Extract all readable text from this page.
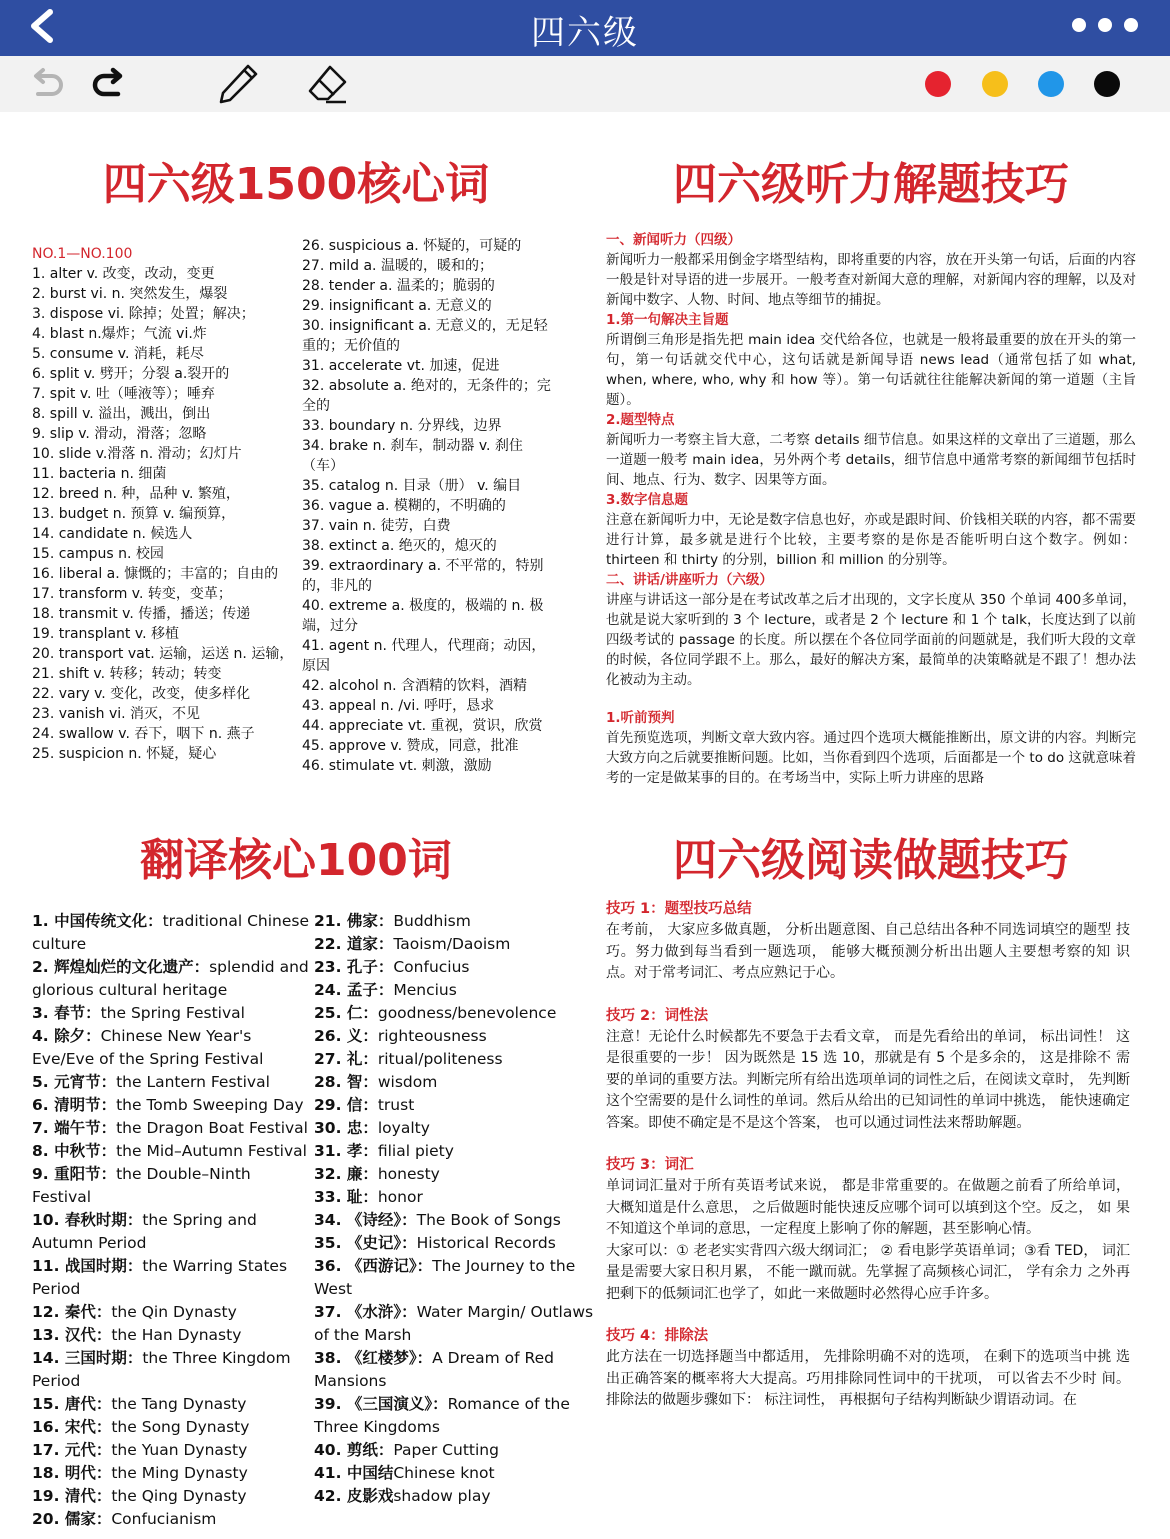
四六级
四六级1500核心词
NO.1—NO.100
1. alter v. 改变，改动，变更
2. burst vi. n. 突然发生，爆裂
3. dispose vi. 除掉；处置；解决；
4. blast n.爆炸；气流 vi.炸
5. consume v. 消耗，耗尽
6. split v. 劈开；分裂 a.裂开的
7. spit v. 吐（唾液等）；唾弃
8. spill v. 溢出，溅出，倒出
9. slip v. 滑动，滑落；忽略
10. slide v.滑落 n. 滑动；幻灯片
11. bacteria n. 细菌
12. breed n. 种，品种 v. 繁殖，
13. budget n. 预算 v. 编预算，
14. candidate n. 候选人
15. campus n. 校园
16. liberal a. 慷慨的；丰富的；自由的
17. transform v. 转变，变革；
18. transmit v. 传播，播送；传递
19. transplant v. 移植
20. transport vat. 运输，运送 n. 运输，
21. shift v. 转移；转动；转变
22. vary v. 变化，改变，使多样化
23. vanish vi. 消灭，不见
24. swallow v. 吞下，咽下 n. 燕子
25. suspicion n. 怀疑，疑心
26. suspicious a. 怀疑的，可疑的
27. mild a. 温暖的，暖和的；
28. tender a. 温柔的；脆弱的
29. insignificant a. 无意义的
30. insignificant a. 无意义的，无足轻重的；无价值的
31. accelerate vt. 加速，促进
32. absolute a. 绝对的，无条件的；完全的
33. boundary n. 分界线，边界
34. brake n. 刹车，制动器 v. 刹住（车）
35. catalog n. 目录（册） v. 编目
36. vague a. 模糊的，不明确的
37. vain n. 徒劳，白费
38. extinct a. 绝灭的，熄灭的
39. extraordinary a. 不平常的，特别的，非凡的
40. extreme a. 极度的，极端的 n. 极端，过分
41. agent n. 代理人，代理商；动因，原因
42. alcohol n. 含酒精的饮料，酒精
43. appeal n. /vi. 呼吁，恳求
44. appreciate vt. 重视，赏识，欣赏
45. approve v. 赞成，同意，批准
46. stimulate vt. 刺激，激励
四六级听力解题技巧
一、新闻听力（四级）
新闻听力一般都采用倒金字塔型结构，即将重要的内容，放在开头第一句话，后面的内容一般是针对导语的进一步展开。一般考查对新闻大意的理解，对新闻内容的理解，以及对新闻中数字、人物、时间、地点等细节的捕捉。
1.第一句解决主旨题
所谓倒三角形是指先把 main idea 交代给各位，也就是一般将最重要的放在开头的第一句，第一句话就交代中心，这句话就是新闻导语 news lead（通常包括了如 what, when, where, who, why 和 how 等）。第一句话就往往能解决新闻的第一道题（主旨题）。
2.题型特点
新闻听力一考察主旨大意，二考察 details 细节信息。如果这样的文章出了三道题，那么一道题一般考 main idea，另外两个考 details，细节信息中通常考察的新闻细节包括时间、地点、行为、数字、因果等方面。
3.数字信息题
注意在新闻听力中，无论是数字信息也好，亦或是跟时间、价钱相关联的内容，都不需要进行计算，最多就是进行个比较，主要考察的是你是否能听明白这个数字。例如：thirteen 和 thirty 的分别，billion 和 million 的分别等。
二、讲话/讲座听力（六级）
讲座与讲话这一部分是在考试改革之后才出现的，文字长度从 350 个单词 400多单词，也就是说大家听到的 3 个 lecture，或者是 2 个 lecture 和 1 个 talk，长度达到了以前四级考试的 passage 的长度。所以摆在个各位同学面前的问题就是，我们听大段的文章的时候，各位同学跟不上。那么，最好的解决方案，最简单的决策略就是不跟了！想办法化被动为主动。
1.听前预判
首先预览选项，判断文章大致内容。通过四个选项大概能推断出，原文讲的内容。判断完大致方向之后就要推断问题。比如，当你看到四个选项，后面都是一个 to do 这就意味着考的一定是做某事的目的。在考场当中，实际上听力讲座的思路
翻译核心100词
1. 中国传统文化：traditional Chinese culture
2. 辉煌灿烂的文化遗产：splendid and glorious cultural heritage
3. 春节：the Spring Festival
4. 除夕：Chinese New Year's Eve/Eve of the Spring Festival
5. 元宵节：the Lantern Festival
6. 清明节：the Tomb Sweeping Day
7. 端午节：the Dragon Boat Festival
8. 中秋节：the Mid–Autumn Festival
9. 重阳节：the Double–Ninth Festival
10. 春秋时期：the Spring and Autumn Period
11. 战国时期：the Warring States Period
12. 秦代：the Qin Dynasty
13. 汉代：the Han Dynasty
14. 三国时期：the Three Kingdom Period
15. 唐代：the Tang Dynasty
16. 宋代：the Song Dynasty
17. 元代：the Yuan Dynasty
18. 明代：the Ming Dynasty
19. 清代：the Qing Dynasty
20. 儒家：Confucianism
21. 佛家：Buddhism
22. 道家：Taoism/Daoism
23. 孔子：Confucius
24. 孟子：Mencius
25. 仁：goodness/benevolence
26. 义：righteousness
27. 礼：ritual/politeness
28. 智：wisdom
29. 信：trust
30. 忠：loyalty
31. 孝：filial piety
32. 廉：honesty
33. 耻：honor
34. 《诗经》：The Book of Songs
35. 《史记》：Historical Records
36. 《西游记》：The Journey to the West
37. 《水浒》：Water Margin/ Outlaws of the Marsh
38. 《红楼梦》：A Dream of Red Mansions
39. 《三国演义》：Romance of the Three Kingdoms
40. 剪纸：Paper Cutting
41. 中国结Chinese knot
42. 皮影戏shadow play
四六级阅读做题技巧
技巧 1：题型技巧总结
在考前， 大家应多做真题， 分析出题意图、自己总结出各种不同选词填空的题型 技巧。努力做到每当看到一题选项， 能够大概预测分析出出题人主要想考察的知 识点。对于常考词汇、考点应熟记于心。
技巧 2：词性法
注意！无论什么时候都先不要急于去看文章， 而是先看给出的单词， 标出词性！ 这是很重要的一步！ 因为既然是 15 选 10，那就是有 5 个是多余的， 这是排除不 需要的单词的重要方法。判断完所有给出选项单词的词性之后，在阅读文章时， 先判断这个空需要的是什么词性的单词。然后从给出的已知词性的单词中挑选， 能快速确定答案。即使不确定是不是这个答案， 也可以通过词性法来帮助解题。
技巧 3：词汇
单词词汇量对于所有英语考试来说， 都是非常重要的。在做题之前看了所给单词， 大概知道是什么意思， 之后做题时能快速反应哪个词可以填到这个空。反之， 如 果不知道这个单词的意思，一定程度上影响了你的解题，甚至影响心情。
大家可以：① 老老实实背四六级大纲词汇； ② 看电影学英语单词；③看 TED， 词汇量是需要大家日积月累， 不能一蹴而就。先掌握了高频核心词汇， 学有余力 之外再把剩下的低频词汇也学了，如此一来做题时必然得心应手许多。
技巧 4：排除法
此方法在一切选择题当中都适用， 先排除明确不对的选项， 在剩下的选项当中挑 选出正确答案的概率将大大提高。巧用排除同性词中的干扰项， 可以省去不少时 间。排除法的做题步骤如下： 标注词性， 再根据句子结构判断缺少谓语动词。在
